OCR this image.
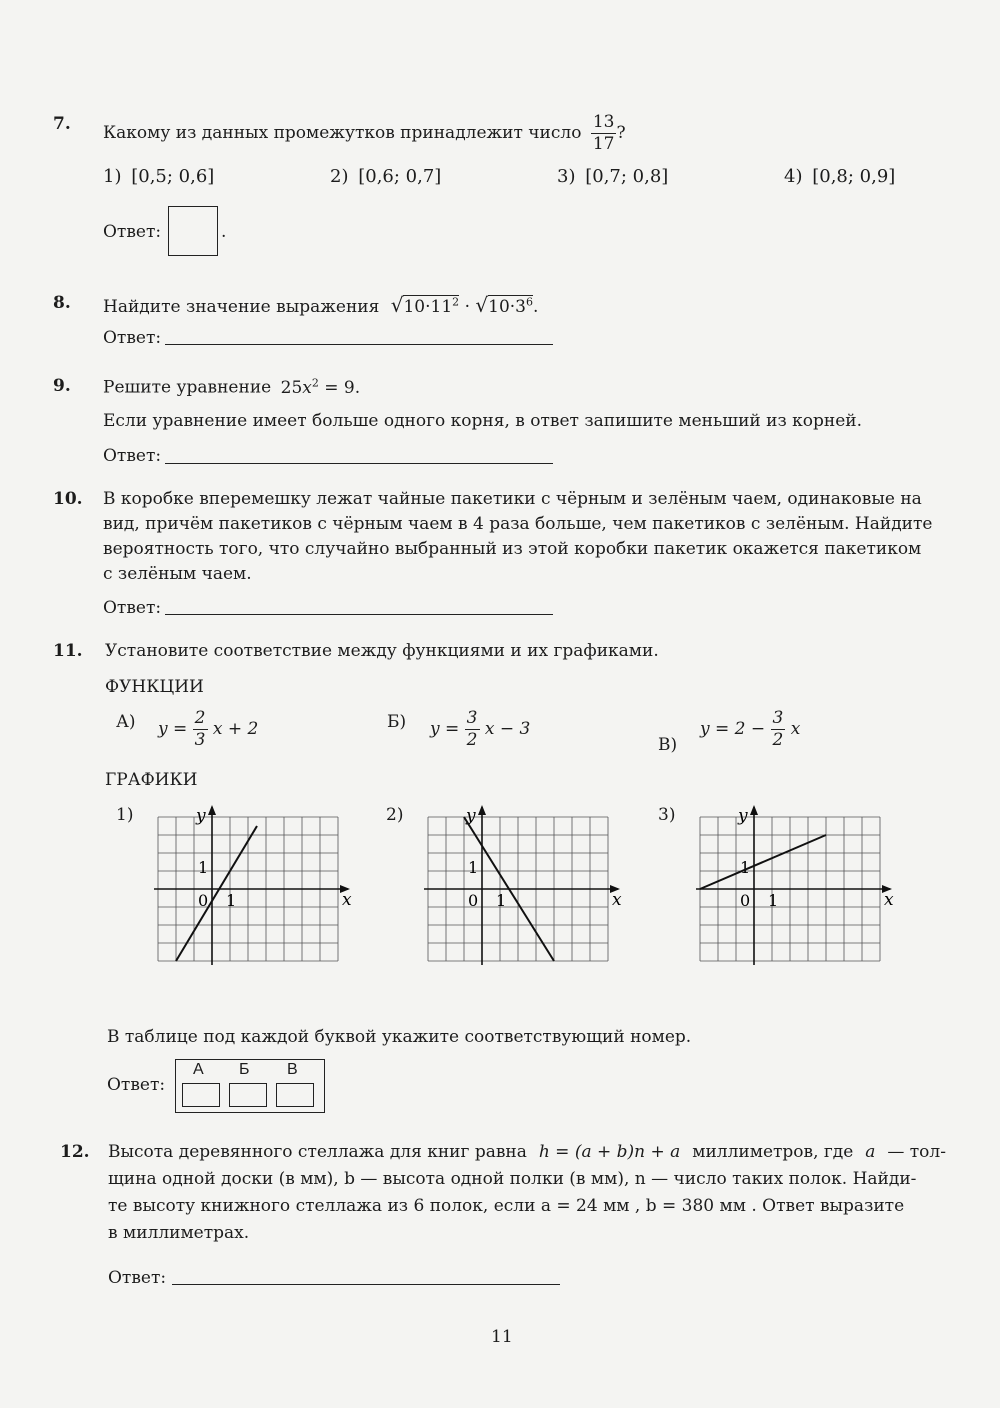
7. Какому из данных промежутков принадлежит число $\frac{13}{17}$ ?
1) [0,5; 0,6]	2) [0,6; 0,7]	3) [0,7; 0,8]	4) [0,8; 0,9]
Ответ:	.
8. Найдите значение выражения $√10\cdot 11^2 \cdot √10\cdot 3^6$.
Ответ:
9. Решите уравнение $25x^2 = 9$.
Если уравнение имеет больше одного корня, в ответ запишите меньший из корней.
Ответ:
10. В коробке вперемешку лежат чайные пакетики с чёрным и зелёным чаем, одинаковые на
вид, причём пакетиков с чёрным чаем в 4 раза больше, чем пакетиков с зелёным. Найдите
вероятность того, что случайно выбранный из этой коробки пакетик окажется пакетиком
с зелёным чаем.
Ответ:
11. Установите соответствие между функциями и их графиками.
ФУНКЦИИ
А) $y = \frac{2}{3}$ x + 2	Б) $y = \frac{3}{2}$ x − 3
В)
$y = 2 - \frac{3}{2}$ x
ГРАФИКИ
1)	2)	3)
x
y
0 1
1
x
y
0 1
1
x
y
0 1
1
В таблице под каждой буквой укажите соответствующий номер.
Ответ:
А Б В
12. Высота деревянного стеллажа для книг равна h = (a + b)n + a миллиметров, где a — тол-
щина одной доски (в мм), b — высота одной полки (в мм), n — число таких полок. Найди-
те высоту книжного стеллажа из 6 полок, если a = 24 мм , b = 380 мм . Ответ выразите
в миллиметрах.
Ответ:
11
